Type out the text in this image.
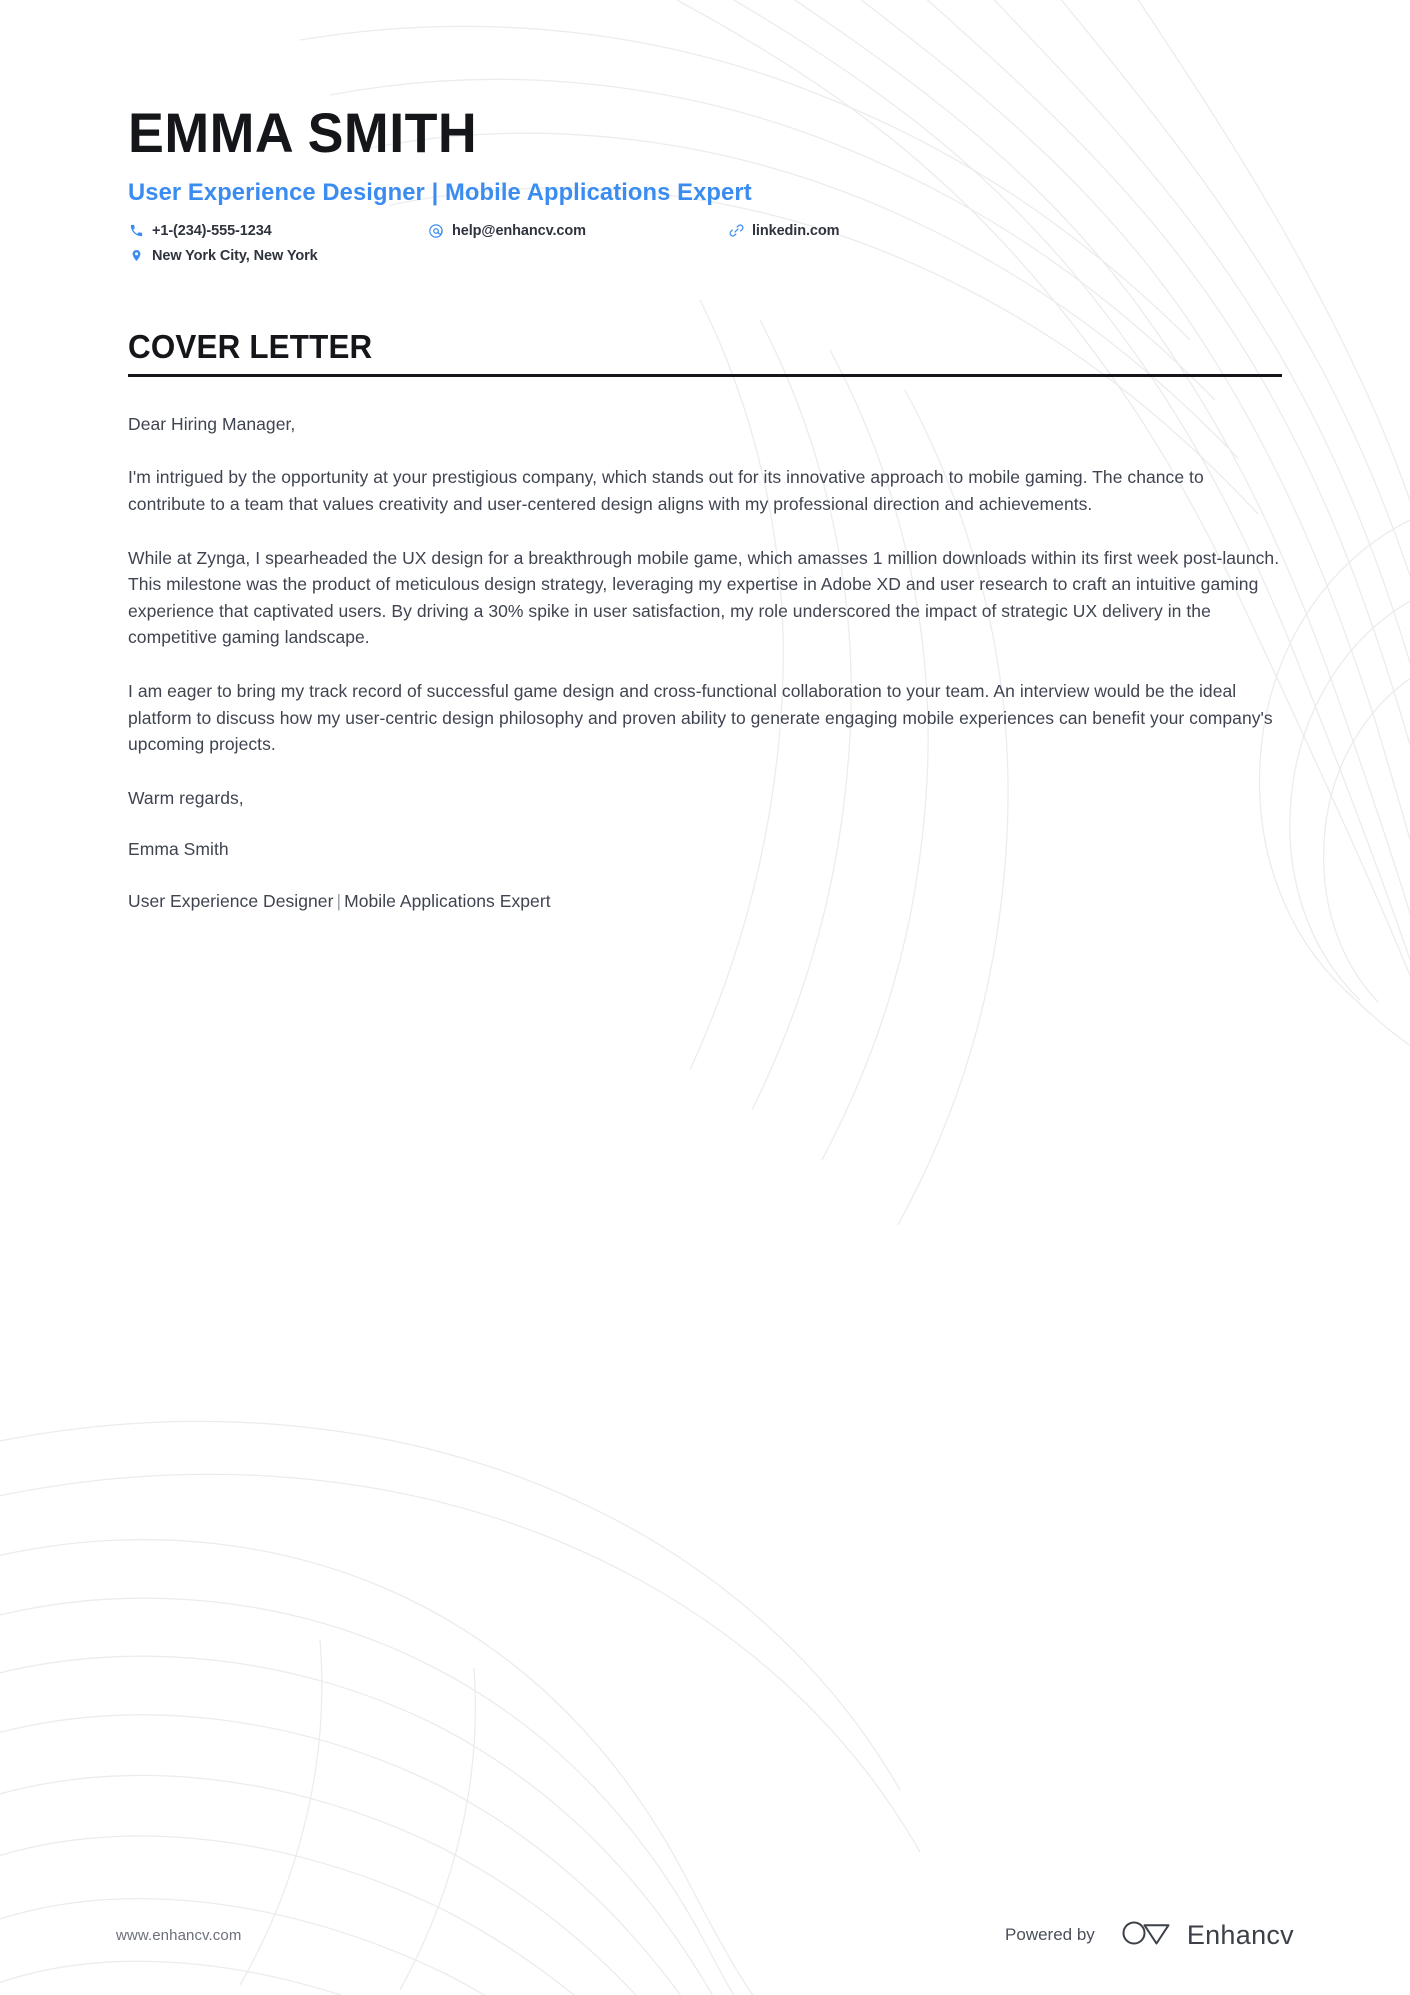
EMMA SMITH
User Experience Designer | Mobile Applications Expert
+1-(234)-555-1234	help@enhancv.com	linkedin.com
New York City, New York
COVER LETTER

Dear Hiring Manager,

I'm intrigued by the opportunity at your prestigious company, which stands out for its innovative approach to mobile gaming. The chance to contribute to a team that values creativity and user-centered design aligns with my professional direction and achievements.

While at Zynga, I spearheaded the UX design for a breakthrough mobile game, which amasses 1 million downloads within its first week post-launch. This milestone was the product of meticulous design strategy, leveraging my expertise in Adobe XD and user research to craft an intuitive gaming experience that captivated users. By driving a 30% spike in user satisfaction, my role underscored the impact of strategic UX delivery in the competitive gaming landscape.

I am eager to bring my track record of successful game design and cross-functional collaboration to your team. An interview would be the ideal platform to discuss how my user-centric design philosophy and proven ability to generate engaging mobile experiences can benefit your company's upcoming projects.

Warm regards,

Emma Smith

User Experience Designer | Mobile Applications Expert

www.enhancv.com	Powered by	Enhancv
